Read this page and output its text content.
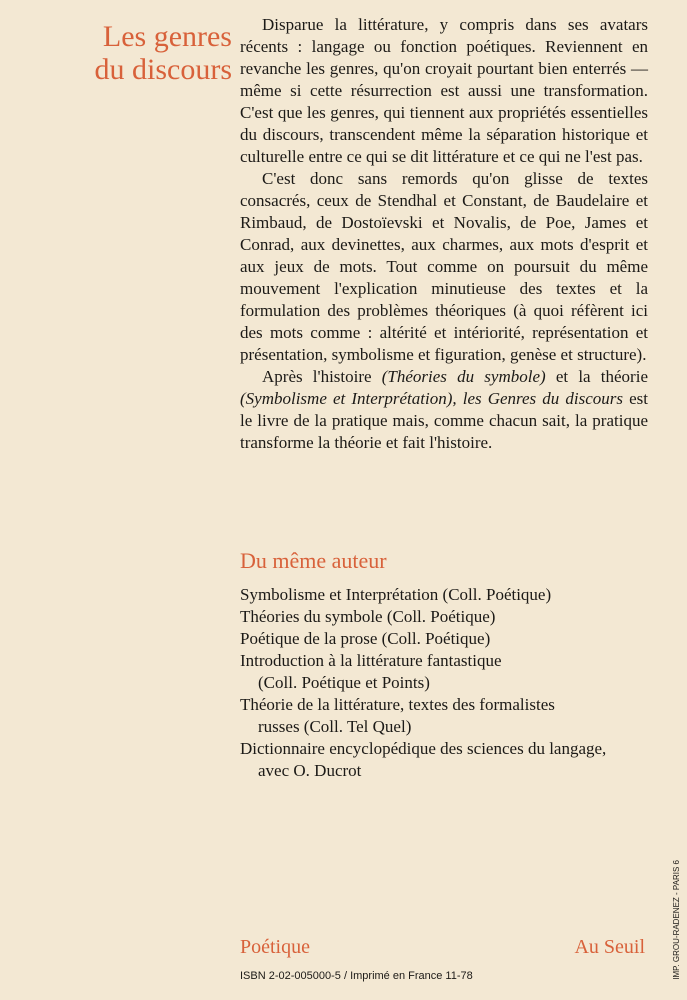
Les genres
du discours

Disparue la littérature, y compris dans ses avatars récents : langage ou fonction poétiques. Reviennent en revanche les genres, qu'on croyait pourtant bien enterrés — même si cette résurrection est aussi une transformation. C'est que les genres, qui tiennent aux propriétés essentielles du discours, transcendent même la séparation historique et culturelle entre ce qui se dit littérature et ce qui ne l'est pas.

C'est donc sans remords qu'on glisse de textes consacrés, ceux de Stendhal et Constant, de Baudelaire et Rimbaud, de Dostoïevski et Novalis, de Poe, James et Conrad, aux devinettes, aux charmes, aux mots d'esprit et aux jeux de mots. Tout comme on poursuit du même mouvement l'explication minutieuse des textes et la formulation des problèmes théoriques (à quoi réfèrent ici des mots comme : altérité et intériorité, représentation et présentation, symbolisme et figuration, genèse et structure).

Après l'histoire (Théories du symbole) et la théorie (Symbolisme et Interprétation), les Genres du discours est le livre de la pratique mais, comme chacun sait, la pratique transforme la théorie et fait l'histoire.

Du même auteur
Symbolisme et Interprétation (Coll. Poétique)
Théories du symbole (Coll. Poétique)
Poétique de la prose (Coll. Poétique)
Introduction à la littérature fantastique
(Coll. Poétique et Points)
Théorie de la littérature, textes des formalistes
russes (Coll. Tel Quel)
Dictionnaire encyclopédique des sciences du langage,
avec O. Ducrot
Poétique	Au Seuil
ISBN 2-02-005000-5 / Imprimé en France 11-78	IMP. GROU-RADENEZ - PARIS 6
